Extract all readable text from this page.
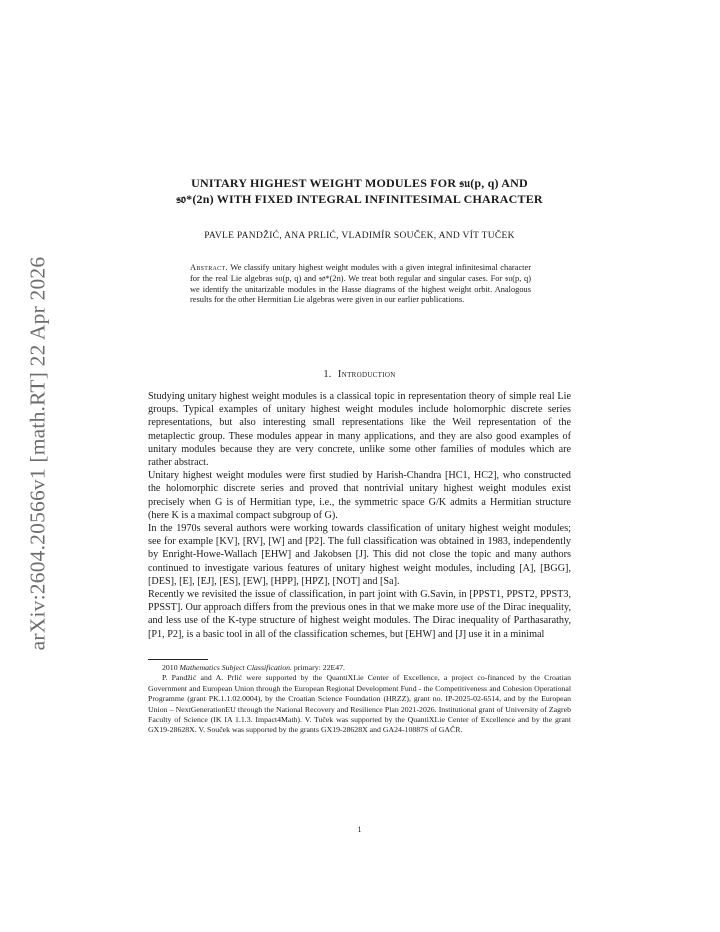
arXiv:2604.20566v1 [math.RT] 22 Apr 2026
UNITARY HIGHEST WEIGHT MODULES FOR 𝔰𝔲(p, q) AND
𝔰𝔬*(2n) WITH FIXED INTEGRAL INFINITESIMAL CHARACTER
PAVLE PANDŽIĆ, ANA PRLIĆ, VLADIMÍR SOUČEK, AND VÍT TUČEK
Abstract. We classify unitary highest weight modules with a given integral infinitesimal character for the real Lie algebras 𝔰𝔲(p, q) and 𝔰𝔬*(2n). We treat both regular and singular cases. For 𝔰𝔲(p, q) we identify the unitarizable modules in the Hasse diagrams of the highest weight orbit. Analogous results for the other Hermitian Lie algebras were given in our earlier publications.
1. Introduction

Studying unitary highest weight modules is a classical topic in representation theory of simple real Lie groups. Typical examples of unitary highest weight modules include holomorphic discrete series representations, but also interesting small representations like the Weil representation of the metaplectic group. These modules appear in many applications, and they are also good examples of unitary modules because they are very concrete, unlike some other families of modules which are rather abstract.

Unitary highest weight modules were first studied by Harish-Chandra [HC1, HC2], who constructed the holomorphic discrete series and proved that nontrivial unitary highest weight modules exist precisely when G is of Hermitian type, i.e., the symmetric space G/K admits a Hermitian structure (here K is a maximal compact subgroup of G).

In the 1970s several authors were working towards classification of unitary highest weight modules; see for example [KV], [RV], [W] and [P2]. The full classification was obtained in 1983, independently by Enright-Howe-Wallach [EHW] and Jakobsen [J]. This did not close the topic and many authors continued to investigate various features of unitary highest weight modules, including [A], [BGG], [DES], [E], [EJ], [ES], [EW], [HPP], [HPZ], [NOT] and [Sa].

Recently we revisited the issue of classification, in part joint with G.Savin, in [PPST1, PPST2, PPST3, PPSST]. Our approach differs from the previous ones in that we make more use of the Dirac inequality, and less use of the K-type structure of highest weight modules. The Dirac inequality of Parthasarathy, [P1, P2], is a basic tool in all of the classification schemes, but [EHW] and [J] use it in a minimal

2010 Mathematics Subject Classification. primary: 22E47.

P. Pandžić and A. Prlić were supported by the QuantiXLie Center of Excellence, a project co-financed by the Croatian Government and European Union through the European Regional Development Fund - the Competitiveness and Cohesion Operational Programme (grant PK.1.1.02.0004), by the Croatian Science Foundation (HRZZ), grant no. IP-2025-02-6514, and by the European Union – NextGenerationEU through the National Recovery and Resilience Plan 2021-2026. Institutional grant of University of Zagreb Faculty of Science (IK IA 1.1.3. Impact4Math). V. Tuček was supported by the QuantiXLie Center of Excellence and by the grant GX19-28628X. V. Souček was supported by the grants GX19-28628X and GA24-10887S of GAČR.

1
